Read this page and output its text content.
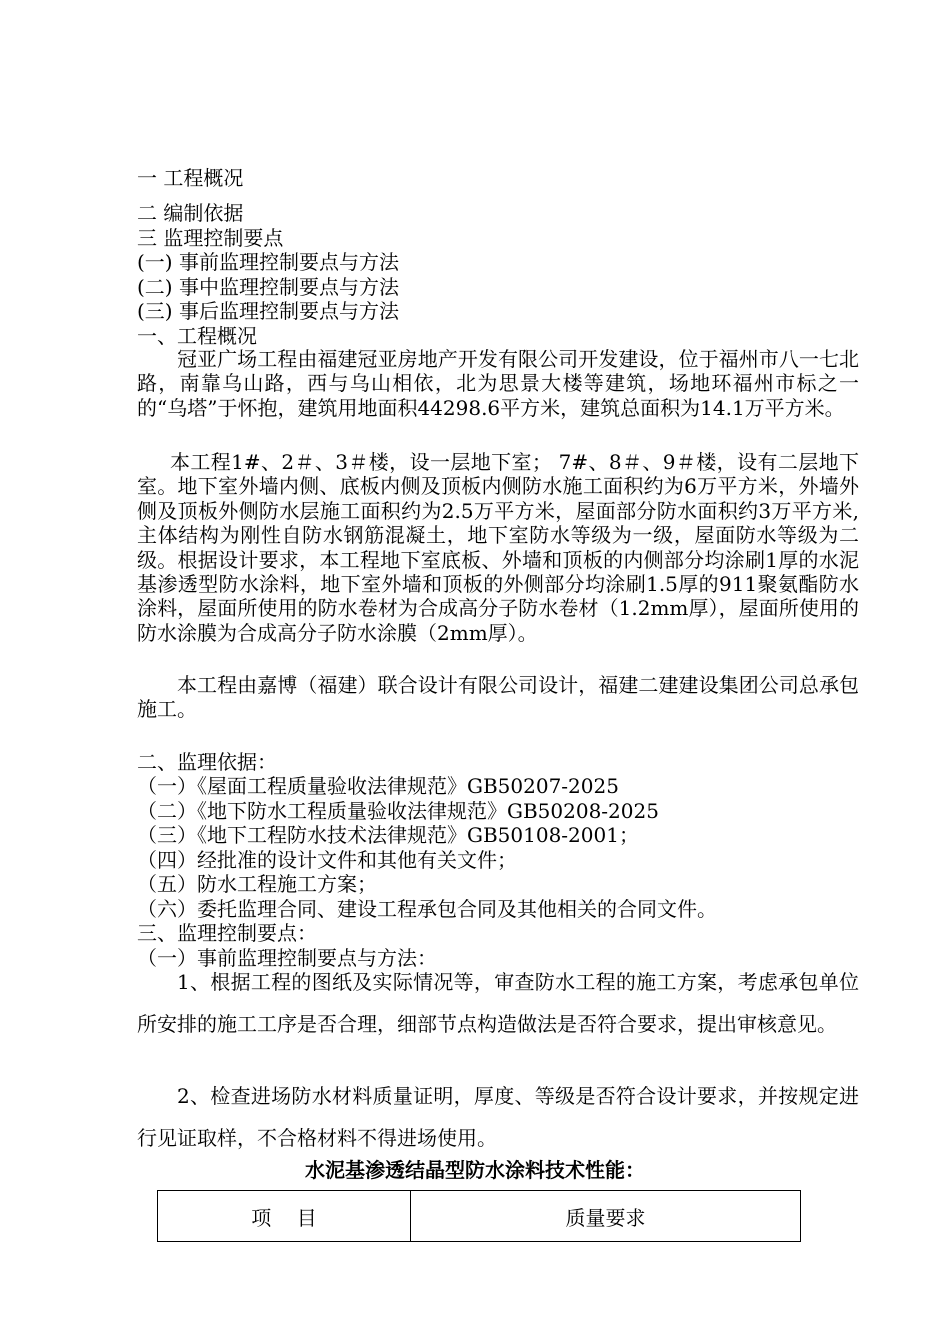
一 工程概况
二 编制依据
三 监理控制要点
(一) 事前监理控制要点与方法
(二) 事中监理控制要点与方法
(三) 事后监理控制要点与方法
一、工程概况

冠亚广场工程由福建冠亚房地产开发有限公司开发建设，位于福州市八一七北路，南靠乌山路，西与乌山相依，北为思景大楼等建筑，场地环福州市标之一的“乌塔”于怀抱，建筑用地面积44298.6平方米，建筑总面积为14.1万平方米。

本工程1#、2＃、3＃楼，设一层地下室； 7#、8＃、9＃楼，设有二层地下室。地下室外墙内侧、底板内侧及顶板内侧防水施工面积约为6万平方米，外墙外侧及顶板外侧防水层施工面积约为2.5万平方米，屋面部分防水面积约3万平方米,主体结构为刚性自防水钢筋混凝土，地下室防水等级为一级，屋面防水等级为二级。根据设计要求，本工程地下室底板、外墙和顶板的内侧部分均涂刷1厚的水泥基渗透型防水涂料，地下室外墙和顶板的外侧部分均涂刷1.5厚的911聚氨酯防水涂料，屋面所使用的防水卷材为合成高分子防水卷材（1.2mm厚），屋面所使用的防水涂膜为合成高分子防水涂膜（2mm厚）。

本工程由嘉博（福建）联合设计有限公司设计，福建二建建设集团公司总承包施工。

二、监理依据：
（一）《屋面工程质量验收法律规范》GB50207-2025
（二）《地下防水工程质量验收法律规范》GB50208-2025
（三）《地下工程防水技术法律规范》GB50108-2001；
（四）经批准的设计文件和其他有关文件；
（五）防水工程施工方案；
（六）委托监理合同、建设工程承包合同及其他相关的合同文件。
三、监理控制要点：
（一）事前监理控制要点与方法：

1、根据工程的图纸及实际情况等，审查防水工程的施工方案，考虑承包单位所安排的施工工序是否合理，细部节点构造做法是否符合要求，提出审核意见。

2、检查进场防水材料质量证明，厚度、等级是否符合设计要求，并按规定进行见证取样，不合格材料不得进场使用。

水泥基渗透结晶型防水涂料技术性能：
项    目	质量要求
